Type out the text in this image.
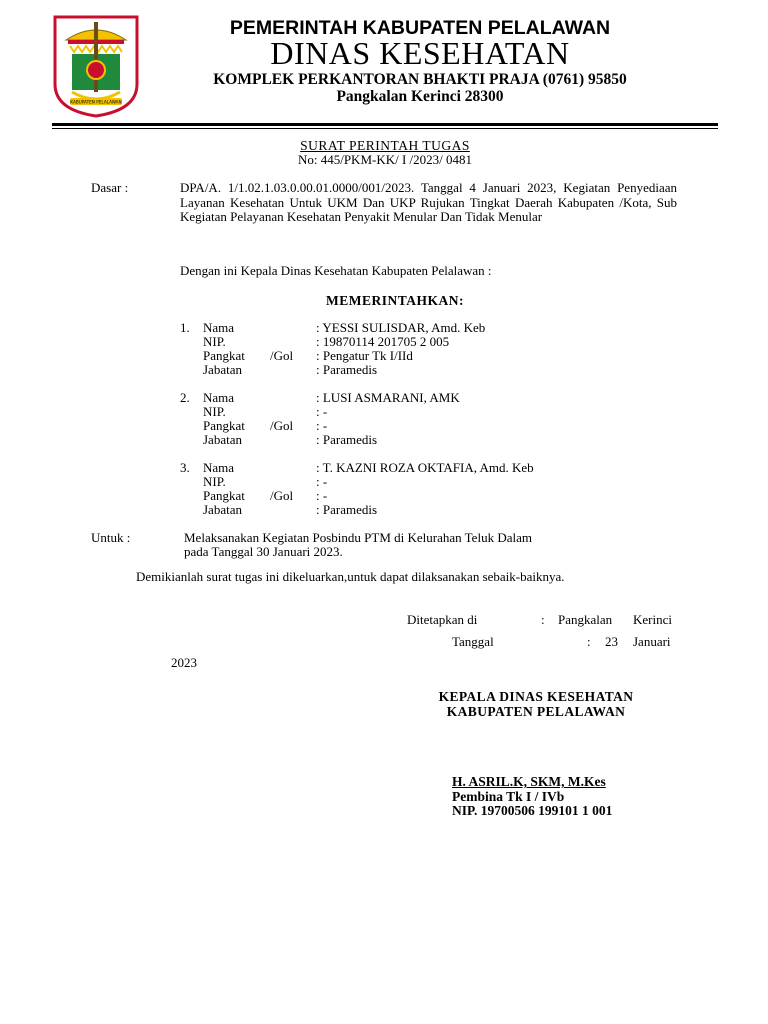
KABUPATEN PELALAWAN
PEMERINTAH KABUPATEN PELALAWAN
DINAS KESEHATAN
KOMPLEK PERKANTORAN BHAKTI PRAJA (0761) 95850
Pangkalan Kerinci 28300
SURAT PERINTAH TUGAS
No: 445/PKM-KK/ I /2023/ 0481
Dasar :	DPA/A. 1/1.02.1.03.0.00.01.0000/001/2023. Tanggal 4 Januari 2023, Kegiatan Penyediaan Layanan Kesehatan Untuk UKM Dan UKP Rujukan Tingkat Daerah Kabupaten /Kota, Sub Kegiatan Pelayanan Kesehatan Penyakit Menular Dan Tidak Menular
Dengan ini Kepala Dinas Kesehatan Kabupaten Pelalawan :
MEMERINTAHKAN:
1. Nama	: YESSI SULISDAR, Amd. Keb
NIP.	: 19870114 201705 2 005
Pangkat /Gol : Pengatur Tk I/IId
Jabatan	: Paramedis
2. Nama	: LUSI ASMARANI, AMK
NIP.	: -
Pangkat /Gol : -
Jabatan	: Paramedis
3. Nama	: T. KAZNI ROZA OKTAFIA, Amd. Keb
NIP.	: -
Pangkat /Gol : -
Jabatan	: Paramedis
Untuk :	Melaksanakan Kegiatan Posbindu PTM di Kelurahan Teluk Dalam
pada Tanggal 30 Januari 2023.
Demikianlah surat tugas ini dikeluarkan,untuk dapat dilaksanakan sebaik-baiknya.
Ditetapkan di	: Pangkalan Kerinci
Tanggal	: 23 Januari
2023
KEPALA DINAS KESEHATAN
KABUPATEN PELALAWAN
H. ASRIL.K, SKM, M.Kes
Pembina Tk I / IVb
NIP. 19700506 199101 1 001
